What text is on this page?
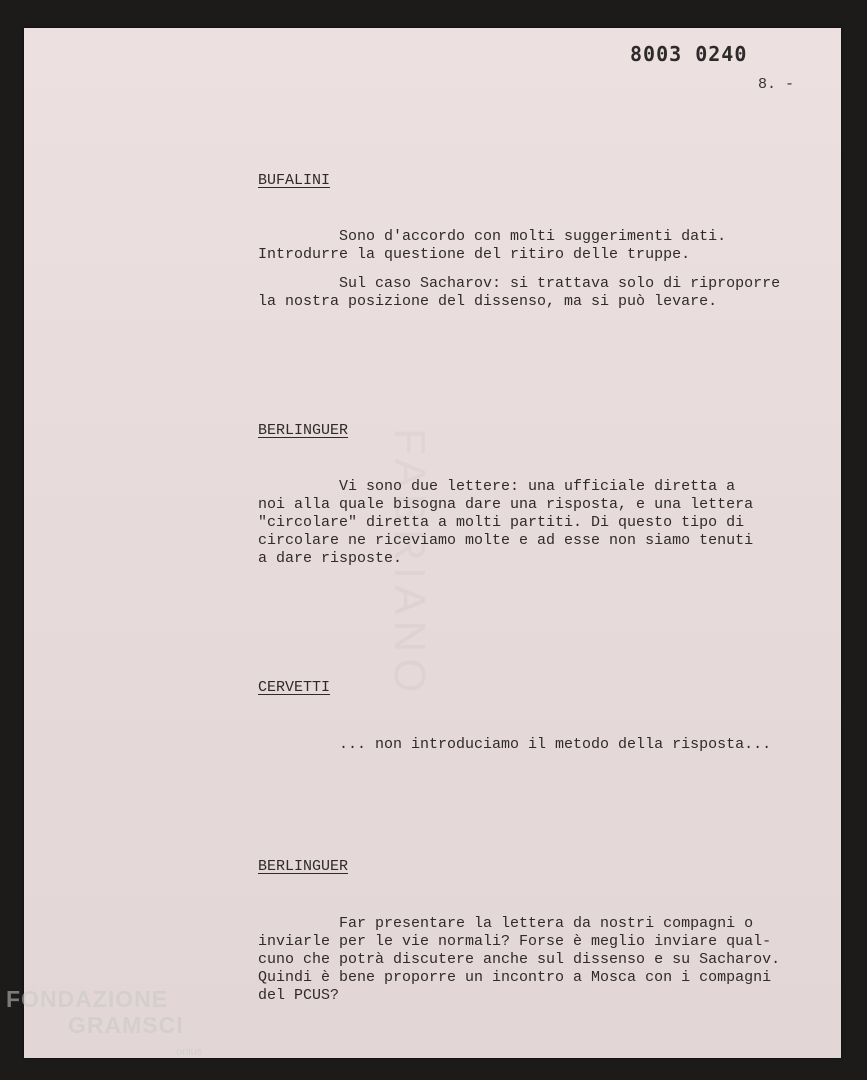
FABRIANO
8003 0240
8. -
BUFALINI

Sono d'accordo con molti suggerimenti dati.
Introdurre la questione del ritiro delle truppe.

Sul caso Sacharov: si trattava solo di riproporre
la nostra posizione del dissenso, ma si può levare.

BERLINGUER

Vi sono due lettere: una ufficiale diretta a
noi alla quale bisogna dare una risposta, e una lettera
"circolare" diretta a molti partiti. Di questo tipo di
circolare ne riceviamo molte e ad esse non siamo tenuti
a dare risposte.

CERVETTI

... non introduciamo il metodo della risposta...

BERLINGUER

Far presentare la lettera da nostri compagni o
inviarle per le vie normali? Forse è meglio inviare qual-
cuno che potrà discutere anche sul dissenso e su Sacharov.
Quindi è bene proporre un incontro a Mosca con i compagni
del PCUS?

FONDAZIONE
GRAMSCI
onlus
